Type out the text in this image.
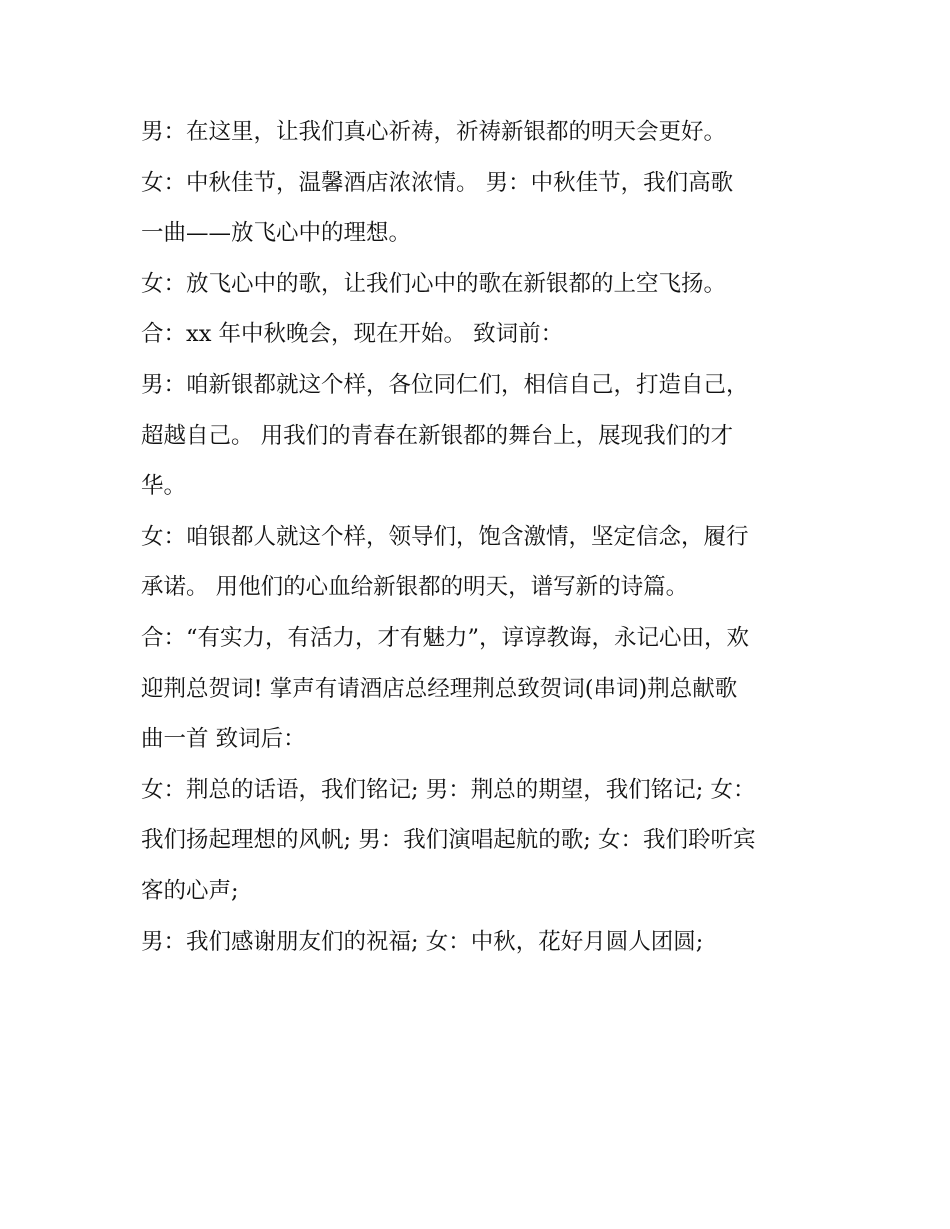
男：在这里，让我们真心祈祷，祈祷新银都的明天会更好。
女：中秋佳节，温馨酒店浓浓情。 男：中秋佳节，我们高歌
一曲——放飞心中的理想。
女：放飞心中的歌，让我们心中的歌在新银都的上空飞扬。
合：xx 年中秋晚会，现在开始。 致词前：
男：咱新银都就这个样，各位同仁们，相信自己，打造自己，
超越自己。 用我们的青春在新银都的舞台上，展现我们的才
华。
女：咱银都人就这个样，领导们，饱含激情，坚定信念，履行
承诺。 用他们的心血给新银都的明天，谱写新的诗篇。
合：“有实力，有活力，才有魅力”，谆谆教诲，永记心田，欢
迎荆总贺词! 掌声有请酒店总经理荆总致贺词(串词)荆总献歌
曲一首 致词后：
女：荆总的话语，我们铭记; 男：荆总的期望，我们铭记; 女：
我们扬起理想的风帆; 男：我们演唱起航的歌; 女：我们聆听宾
客的心声;
男：我们感谢朋友们的祝福; 女：中秋，花好月圆人团圆;
